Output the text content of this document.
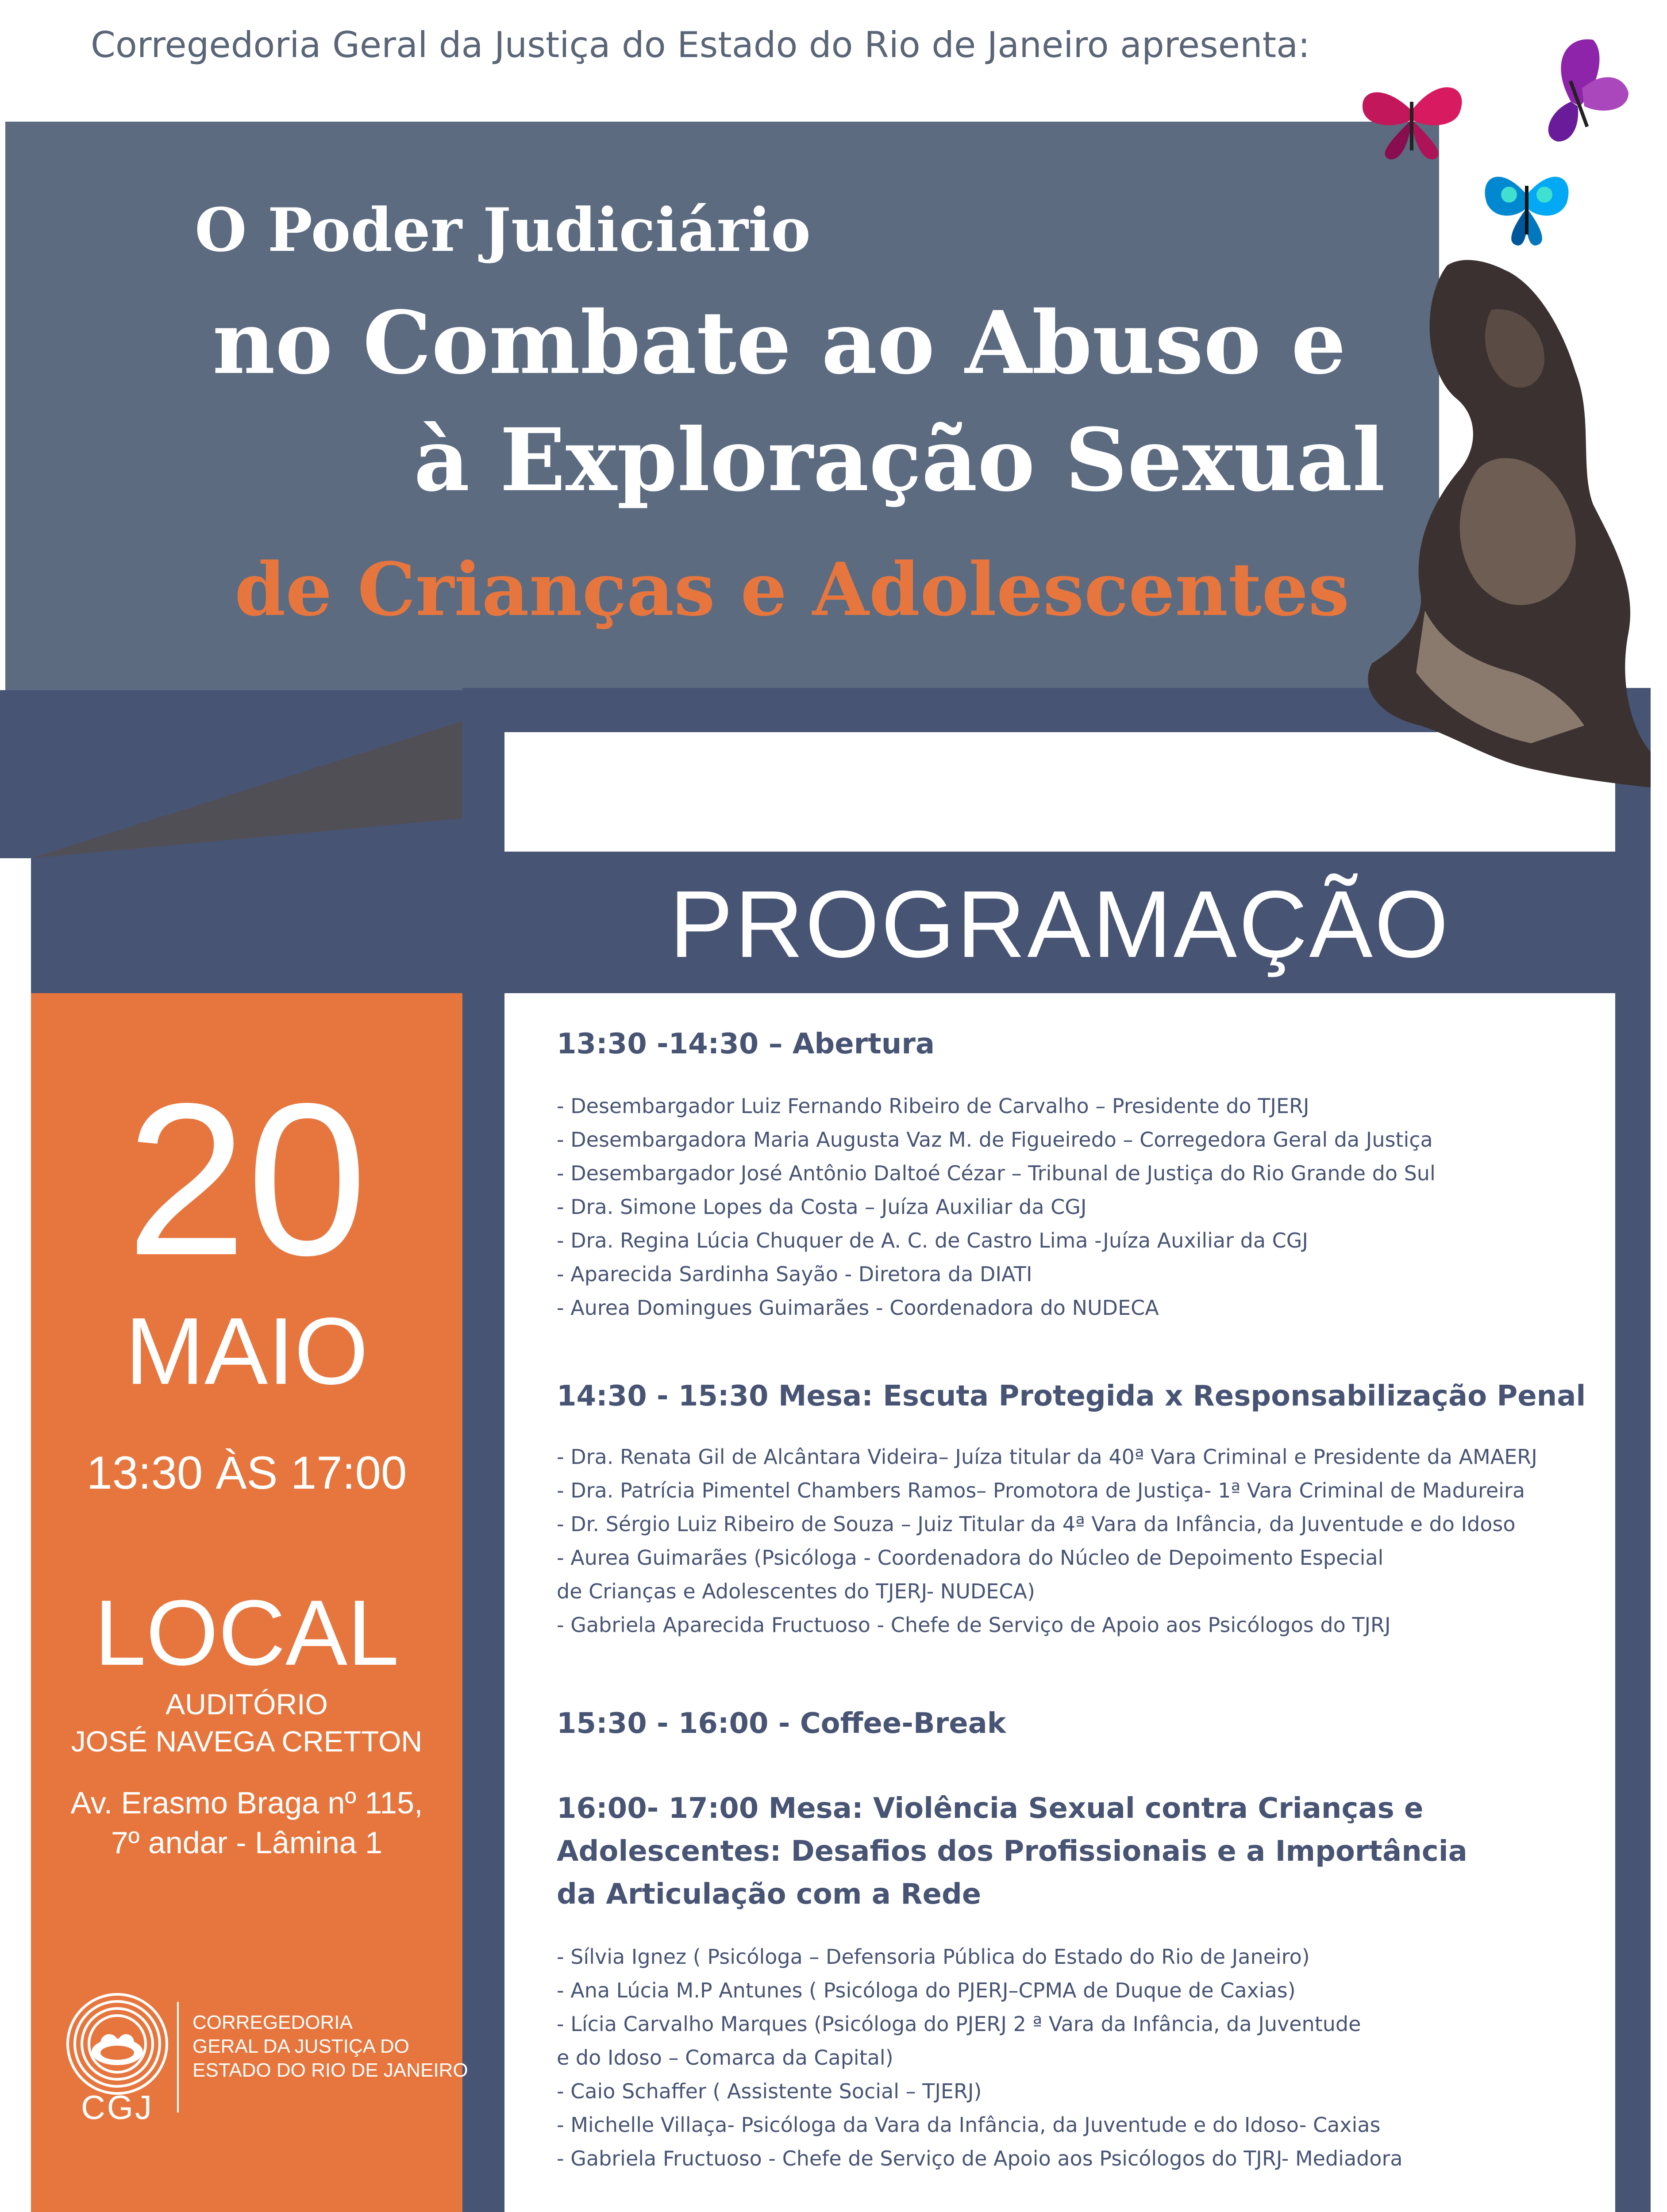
Corregedoria Geral da Justiça do Estado do Rio de Janeiro apresenta:
O Poder Judiciário
no Combate ao Abuso e
à Exploração Sexual
de Crianças e Adolescentes
PROGRAMAÇÃO
13:30 -14:30 – Abertura
- Desembargador Luiz Fernando Ribeiro de Carvalho – Presidente do TJERJ
- Desembargadora Maria Augusta Vaz M. de Figueiredo – Corregedora Geral da Justiça
- Desembargador José Antônio Daltoé Cézar – Tribunal de Justiça do Rio Grande do Sul
- Dra. Simone Lopes da Costa – Juíza Auxiliar da CGJ
- Dra. Regina Lúcia Chuquer de A. C. de Castro Lima -Juíza Auxiliar da CGJ
- Aparecida Sardinha Sayão - Diretora da DIATI
- Aurea Domingues Guimarães - Coordenadora do NUDECA
14:30 - 15:30 Mesa: Escuta Protegida x Responsabilização Penal
- Dra. Renata Gil de Alcântara Videira– Juíza titular da 40ª Vara Criminal e Presidente da AMAERJ
- Dra. Patrícia Pimentel Chambers Ramos– Promotora de Justiça- 1ª Vara Criminal de Madureira
- Dr. Sérgio Luiz Ribeiro de Souza – Juiz Titular da 4ª Vara da Infância, da Juventude e do Idoso
- Aurea Guimarães (Psicóloga - Coordenadora do Núcleo de Depoimento Especial
de Crianças e Adolescentes do TJERJ- NUDECA)
- Gabriela Aparecida Fructuoso - Chefe de Serviço de Apoio aos Psicólogos do TJRJ
15:30 - 16:00 - Coffee-Break
16:00- 17:00 Mesa: Violência Sexual contra Crianças e
Adolescentes: Desafios dos Profissionais e a Importância
da Articulação com a Rede
- Sílvia Ignez ( Psicóloga – Defensoria Pública do Estado do Rio de Janeiro)
- Ana Lúcia M.P Antunes ( Psicóloga do PJERJ–CPMA de Duque de Caxias)
- Lícia Carvalho Marques (Psicóloga do PJERJ 2 ª Vara da Infância, da Juventude
e do Idoso – Comarca da Capital)
- Caio Schaffer ( Assistente Social – TJERJ)
- Michelle Villaça- Psicóloga da Vara da Infância, da Juventude e do Idoso- Caxias
- Gabriela Fructuoso - Chefe de Serviço de Apoio aos Psicólogos do TJRJ- Mediadora
20
MAIO
13:30 ÀS 17:00
LOCAL
AUDITÓRIO
JOSÉ NAVEGA CRETTON
Av. Erasmo Braga nº 115,
7º andar - Lâmina 1
CGJ
CORREGEDORIA
GERAL DA JUSTIÇA DO
ESTADO DO RIO DE JANEIRO
